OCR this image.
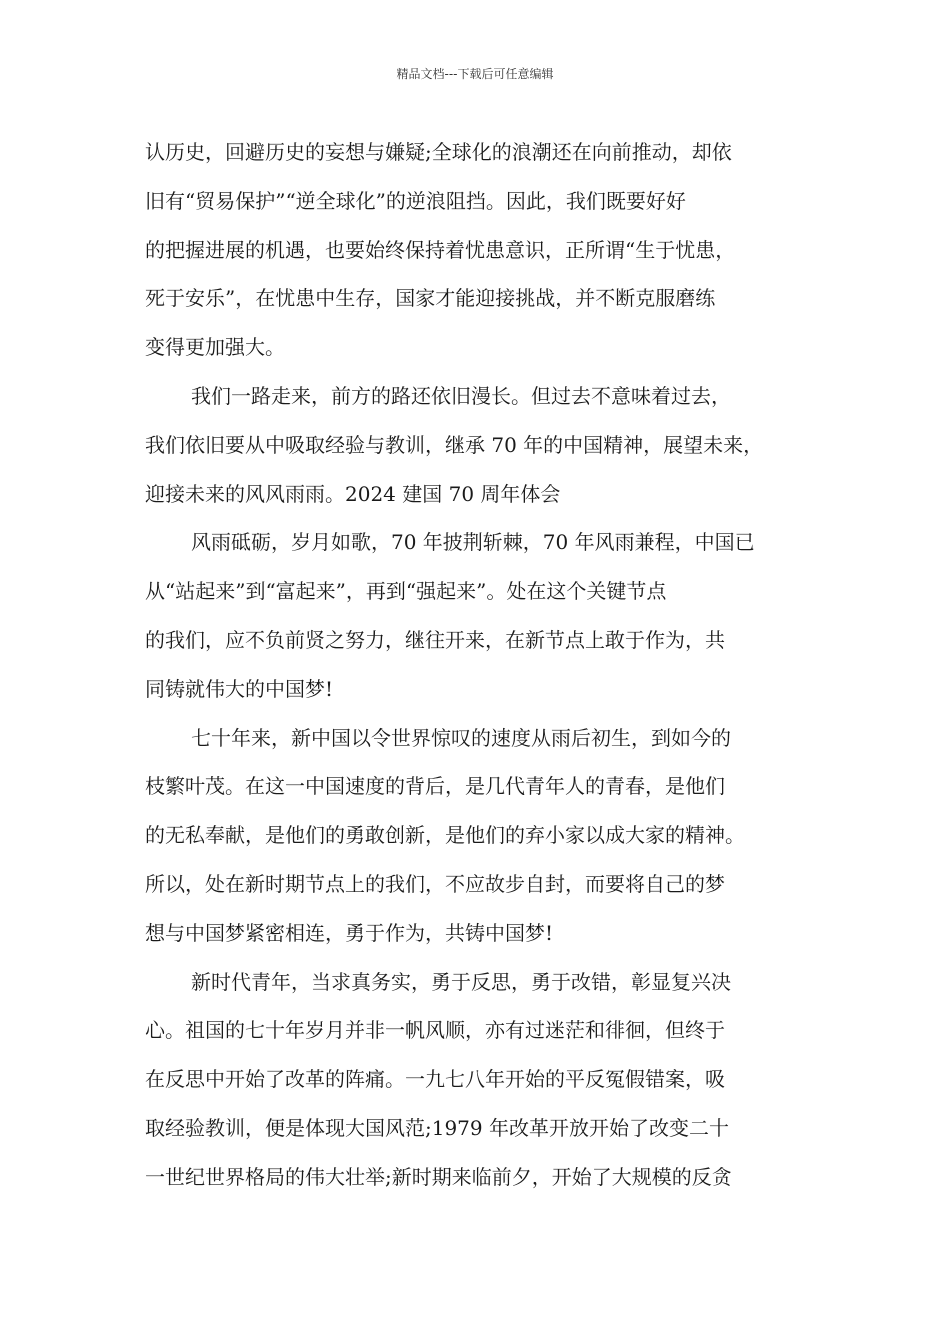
精品文档---下载后可任意编辑
认历史，回避历史的妄想与嫌疑;全球化的浪潮还在向前推动，却依
旧有“贸易保护”“逆全球化”的逆浪阻挡。因此，我们既要好好
的把握进展的机遇，也要始终保持着忧患意识，正所谓“生于忧患，
死于安乐”，在忧患中生存，国家才能迎接挑战，并不断克服磨练
变得更加强大。
我们一路走来，前方的路还依旧漫长。但过去不意味着过去，
我们依旧要从中吸取经验与教训，继承 70 年的中国精神，展望未来，
迎接未来的风风雨雨。2024 建国 70 周年体会
风雨砥砺，岁月如歌，70 年披荆斩棘，70 年风雨兼程，中国已
从“站起来”到“富起来”，再到“强起来”。处在这个关键节点
的我们，应不负前贤之努力，继往开来，在新节点上敢于作为，共
同铸就伟大的中国梦!
七十年来，新中国以令世界惊叹的速度从雨后初生，到如今的
枝繁叶茂。在这一中国速度的背后，是几代青年人的青春，是他们
的无私奉献，是他们的勇敢创新，是他们的弃小家以成大家的精神。
所以，处在新时期节点上的我们，不应故步自封，而要将自己的梦
想与中国梦紧密相连，勇于作为，共铸中国梦!
新时代青年，当求真务实，勇于反思，勇于改错，彰显复兴决
心。祖国的七十年岁月并非一帆风顺，亦有过迷茫和徘徊，但终于
在反思中开始了改革的阵痛。一九七八年开始的平反冤假错案，吸
取经验教训，便是体现大国风范;1979 年改革开放开始了改变二十
一世纪世界格局的伟大壮举;新时期来临前夕，开始了大规模的反贪
